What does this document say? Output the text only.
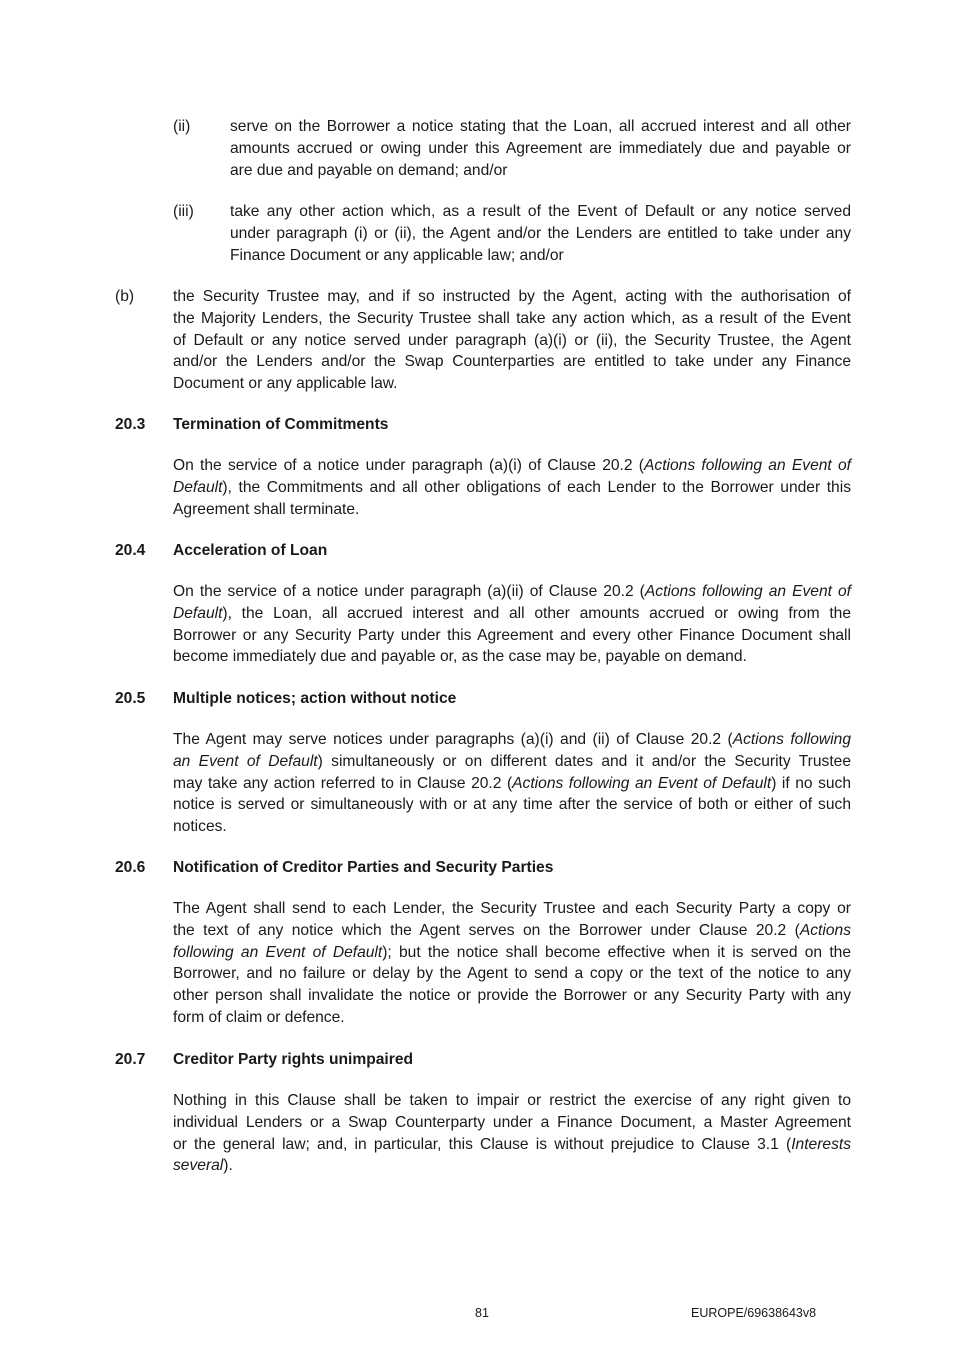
(ii)	serve on the Borrower a notice stating that the Loan, all accrued interest and all other
amounts accrued or owing under this Agreement are immediately due and payable or
are due and payable on demand; and/or
(iii) take any other action which, as a result of the Event of Default or any notice served
under paragraph (i) or (ii), the Agent and/or the Lenders are entitled to take under any
Finance Document or any applicable law; and/or
(b) the Security Trustee may, and if so instructed by the Agent, acting with the authorisation of
the Majority Lenders, the Security Trustee shall take any action which, as a result of the Event
of Default or any notice served under paragraph (a)(i) or (ii), the Security Trustee, the Agent
and/or the Lenders and/or the Swap Counterparties are entitled to take under any Finance
Document or any applicable law.
20.3 Termination of Commitments
On the service of a notice under paragraph (a)(i) of Clause 20.2 (Actions following an Event of
Default), the Commitments and all other obligations of each Lender to the Borrower under this
Agreement shall terminate.
20.4 Acceleration of Loan
On the service of a notice under paragraph (a)(ii) of Clause 20.2 (Actions following an Event of
Default), the Loan, all accrued interest and all other amounts accrued or owing from the
Borrower or any Security Party under this Agreement and every other Finance Document shall
become immediately due and payable or, as the case may be, payable on demand.
20.5 Multiple notices; action without notice
The Agent may serve notices under paragraphs (a)(i) and (ii) of Clause 20.2 (Actions following
an Event of Default) simultaneously or on different dates and it and/or the Security Trustee
may take any action referred to in Clause 20.2 (Actions following an Event of Default) if no such
notice is served or simultaneously with or at any time after the service of both or either of such
notices.
20.6 Notification of Creditor Parties and Security Parties
The Agent shall send to each Lender, the Security Trustee and each Security Party a copy or
the text of any notice which the Agent serves on the Borrower under Clause 20.2 (Actions
following an Event of Default); but the notice shall become effective when it is served on the
Borrower, and no failure or delay by the Agent to send a copy or the text of the notice to any
other person shall invalidate the notice or provide the Borrower or any Security Party with any
form of claim or defence.
20.7 Creditor Party rights unimpaired
Nothing in this Clause shall be taken to impair or restrict the exercise of any right given to
individual Lenders or a Swap Counterparty under a Finance Document, a Master Agreement
or the general law; and, in particular, this Clause is without prejudice to Clause 3.1 (Interests
several).
81	EUROPE/69638643v8
